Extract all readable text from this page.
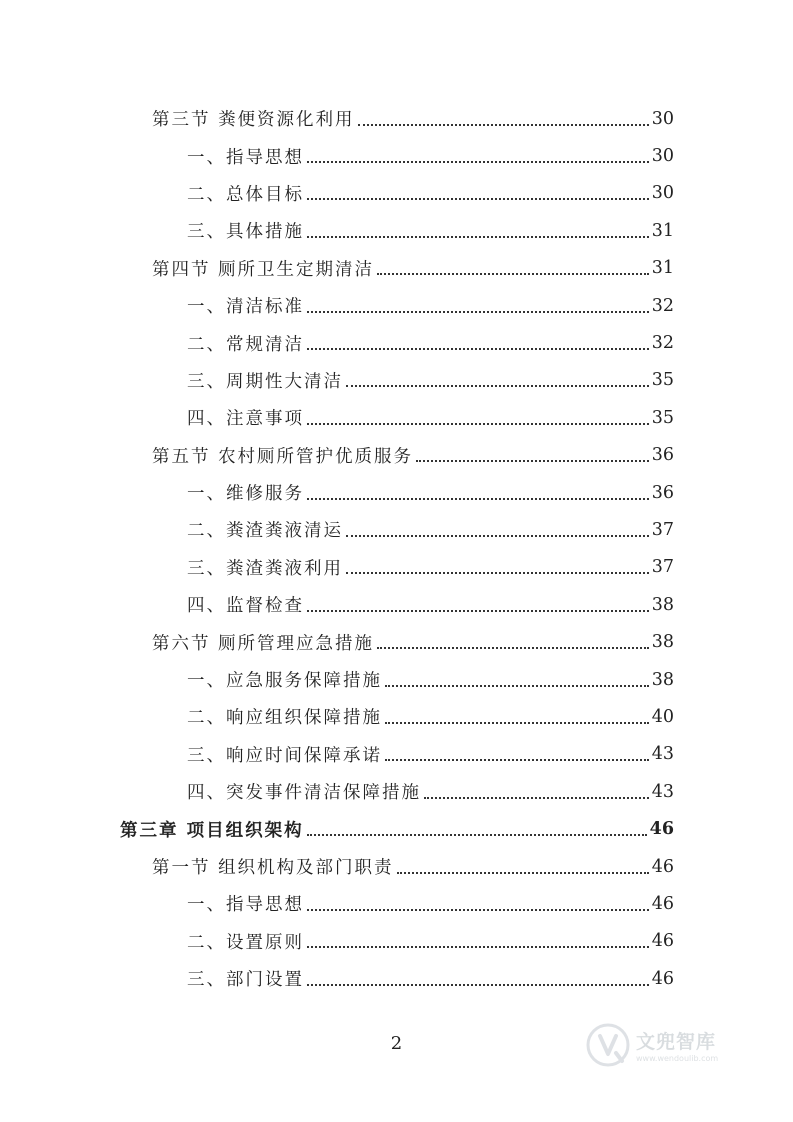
第三节 粪便资源化利用	30
一、指导思想	30
二、总体目标	30
三、具体措施	31
第四节 厕所卫生定期清洁	31
一、清洁标准	32
二、常规清洁	32
三、周期性大清洁	35
四、注意事项	35
第五节 农村厕所管护优质服务	36
一、维修服务	36
二、粪渣粪液清运	37
三、粪渣粪液利用	37
四、监督检查	38
第六节 厕所管理应急措施	38
一、应急服务保障措施	38
二、响应组织保障措施	40
三、响应时间保障承诺	43
四、突发事件清洁保障措施	43
第三章 项目组织架构	46
第一节 组织机构及部门职责	46
一、指导思想	46
二、设置原则	46
三、部门设置	46
2	文兜智库
www.wendoulib.com
